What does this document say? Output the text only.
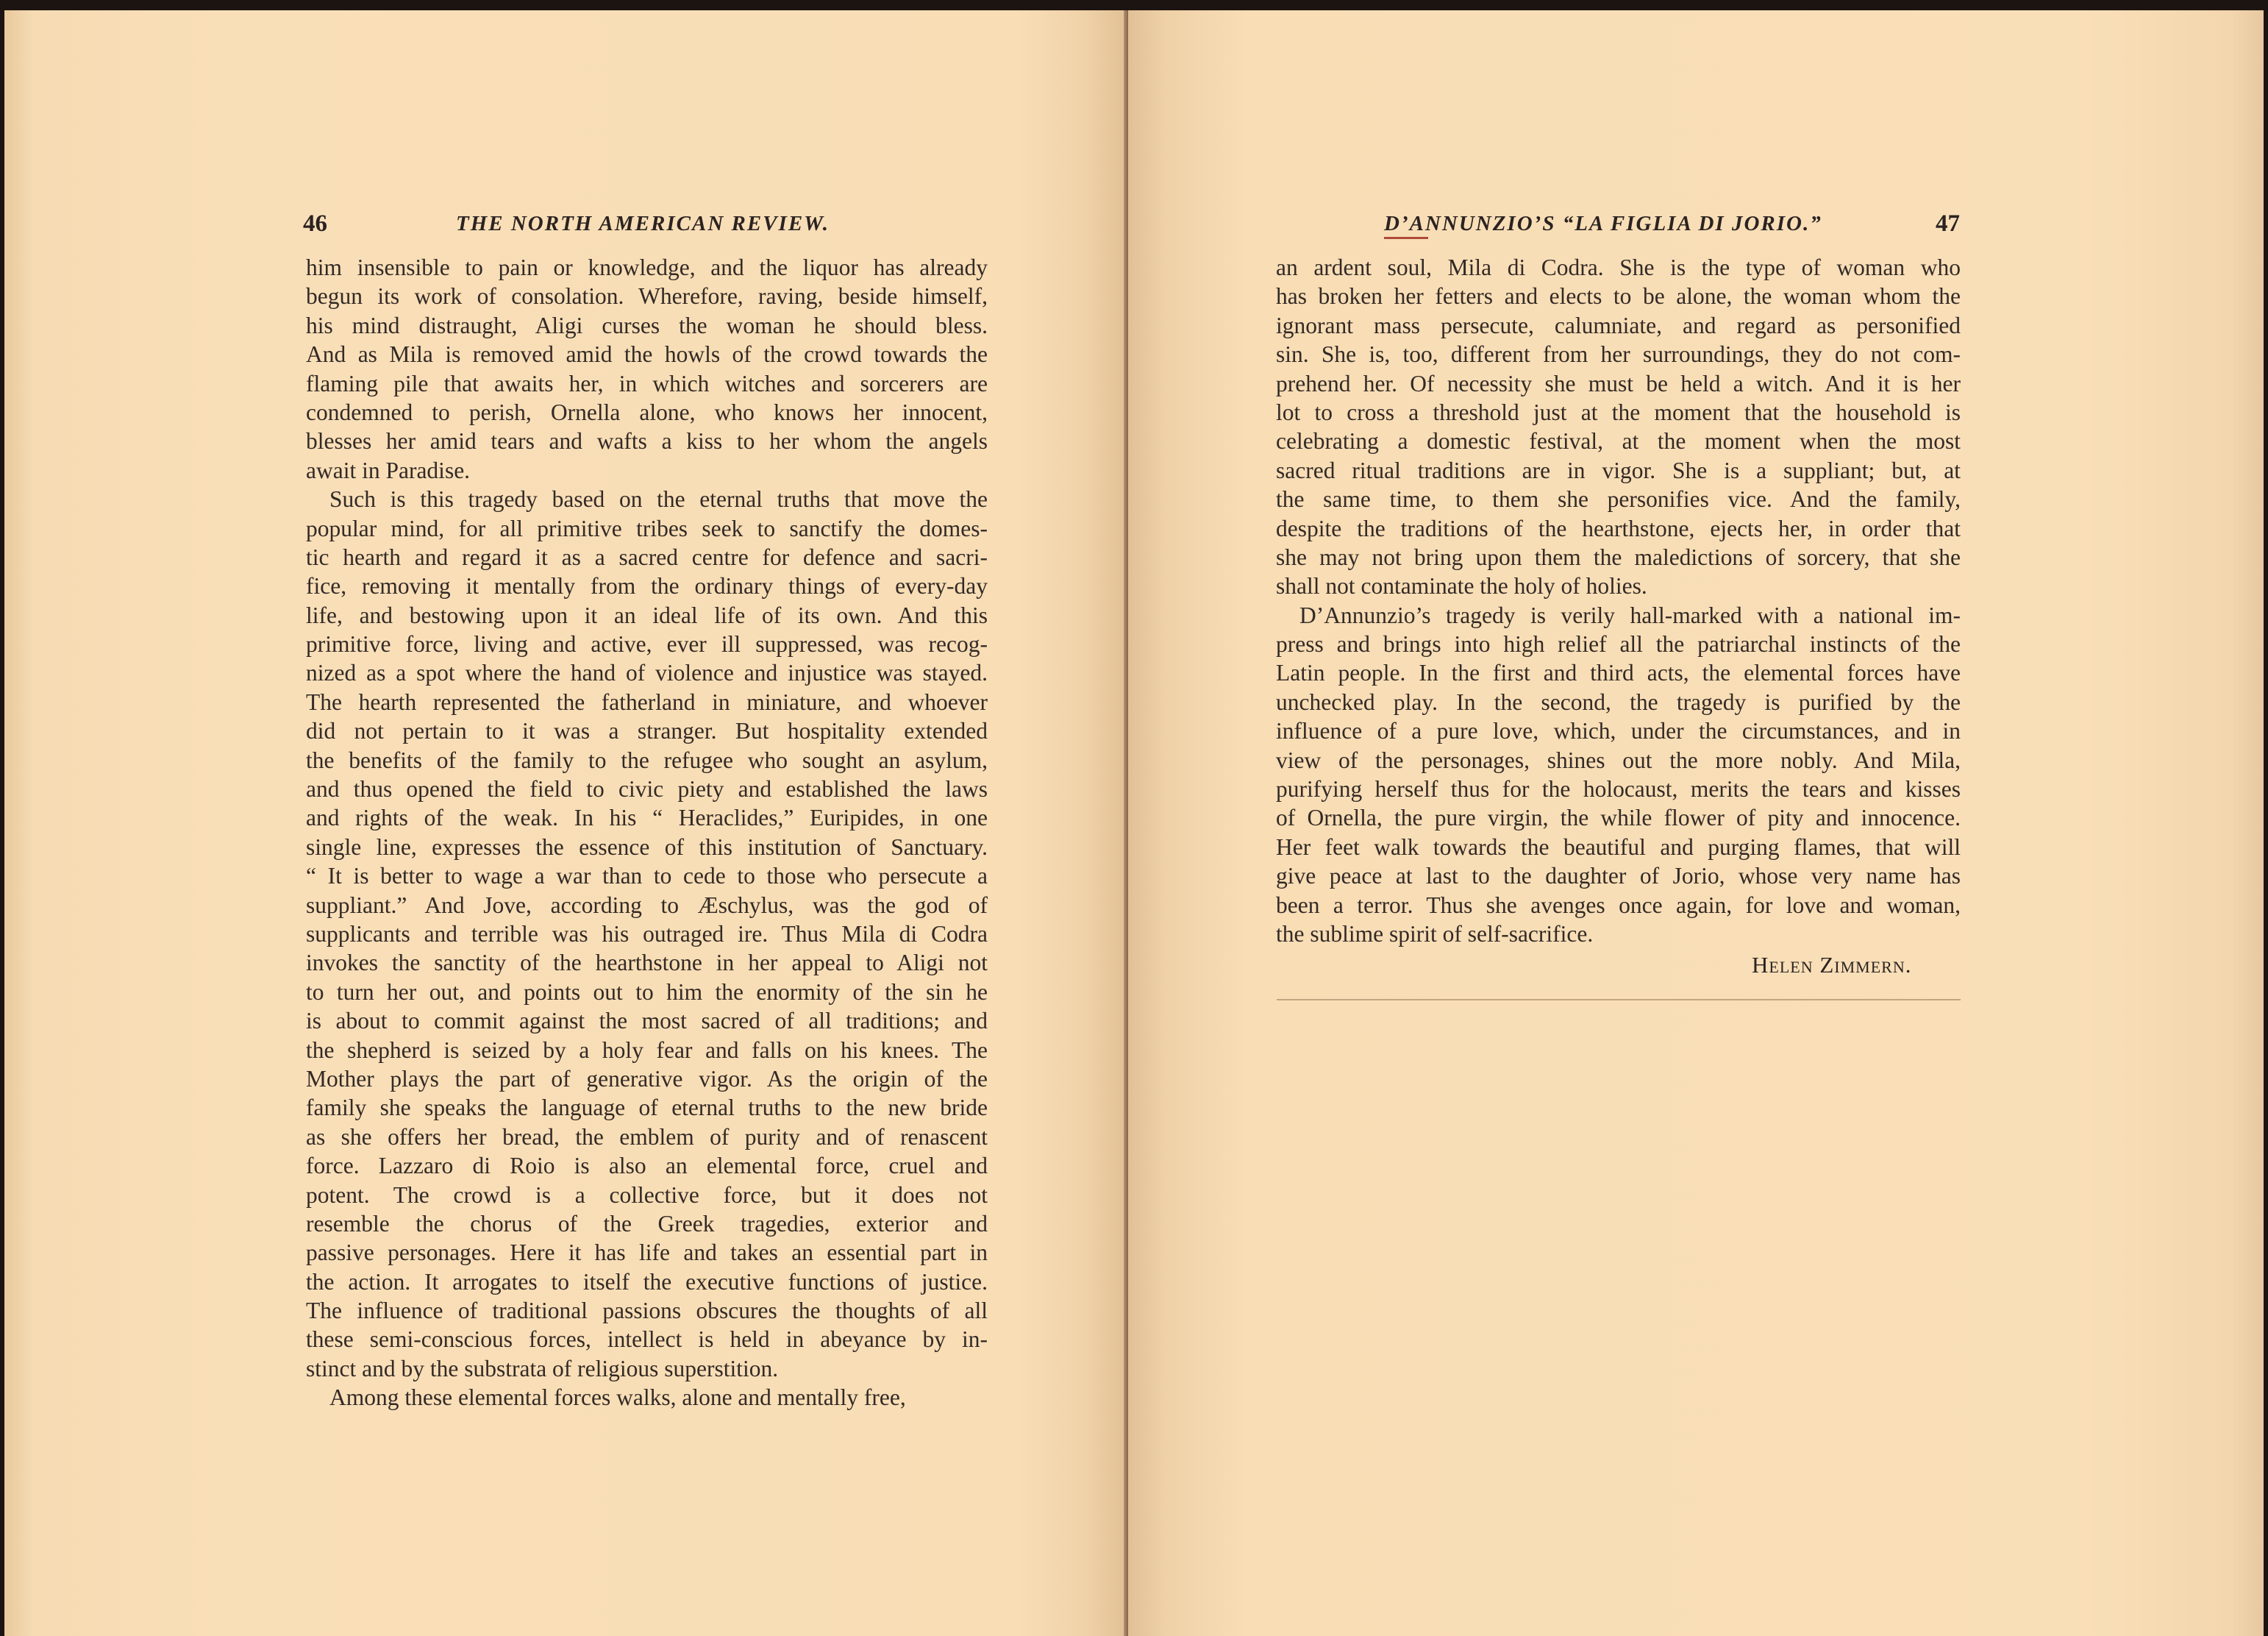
46	THE NORTH AMERICAN REVIEW.
him insensible to pain or knowledge, and the liquor has already
begun its work of consolation. Wherefore, raving, beside himself,
his mind distraught, Aligi curses the woman he should bless.
And as Mila is removed amid the howls of the crowd towards the
flaming pile that awaits her, in which witches and sorcerers are
condemned to perish, Ornella alone, who knows her innocent,
blesses her amid tears and wafts a kiss to her whom the angels
await in Paradise.
Such is this tragedy based on the eternal truths that move the
popular mind, for all primitive tribes seek to sanctify the domes-
tic hearth and regard it as a sacred centre for defence and sacri-
fice, removing it mentally from the ordinary things of every-day
life, and bestowing upon it an ideal life of its own. And this
primitive force, living and active, ever ill suppressed, was recog-
nized as a spot where the hand of violence and injustice was stayed.
The hearth represented the fatherland in miniature, and whoever
did not pertain to it was a stranger. But hospitality extended
the benefits of the family to the refugee who sought an asylum,
and thus opened the field to civic piety and established the laws
and rights of the weak. In his “ Heraclides,” Euripides, in one
single line, expresses the essence of this institution of Sanctuary.
“ It is better to wage a war than to cede to those who persecute a
suppliant.” And Jove, according to Æschylus, was the god of
supplicants and terrible was his outraged ire. Thus Mila di Codra
invokes the sanctity of the hearthstone in her appeal to Aligi not
to turn her out, and points out to him the enormity of the sin he
is about to commit against the most sacred of all traditions; and
the shepherd is seized by a holy fear and falls on his knees. The
Mother plays the part of generative vigor. As the origin of the
family she speaks the language of eternal truths to the new bride
as she offers her bread, the emblem of purity and of renascent
force. Lazzaro di Roio is also an elemental force, cruel and
potent. The crowd is a collective force, but it does not
resemble the chorus of the Greek tragedies, exterior and
passive personages. Here it has life and takes an essential part in
the action. It arrogates to itself the executive functions of justice.
The influence of traditional passions obscures the thoughts of all
these semi-conscious forces, intellect is held in abeyance by in-
stinct and by the substrata of religious superstition.
Among these elemental forces walks, alone and mentally free,
D’ANNUNZIO’S “LA FIGLIA DI JORIO.”	47
an ardent soul, Mila di Codra. She is the type of woman who
has broken her fetters and elects to be alone, the woman whom the
ignorant mass persecute, calumniate, and regard as personified
sin. She is, too, different from her surroundings, they do not com-
prehend her. Of necessity she must be held a witch. And it is her
lot to cross a threshold just at the moment that the household is
celebrating a domestic festival, at the moment when the most
sacred ritual traditions are in vigor. She is a suppliant; but, at
the same time, to them she personifies vice. And the family,
despite the traditions of the hearthstone, ejects her, in order that
she may not bring upon them the maledictions of sorcery, that she
shall not contaminate the holy of holies.
D’Annunzio’s tragedy is verily hall-marked with a national im-
press and brings into high relief all the patriarchal instincts of the
Latin people. In the first and third acts, the elemental forces have
unchecked play. In the second, the tragedy is purified by the
influence of a pure love, which, under the circumstances, and in
view of the personages, shines out the more nobly. And Mila,
purifying herself thus for the holocaust, merits the tears and kisses
of Ornella, the pure virgin, the while flower of pity and innocence.
Her feet walk towards the beautiful and purging flames, that will
give peace at last to the daughter of Jorio, whose very name has
been a terror. Thus she avenges once again, for love and woman,
the sublime spirit of self-sacrifice.
Helen Zimmern.
